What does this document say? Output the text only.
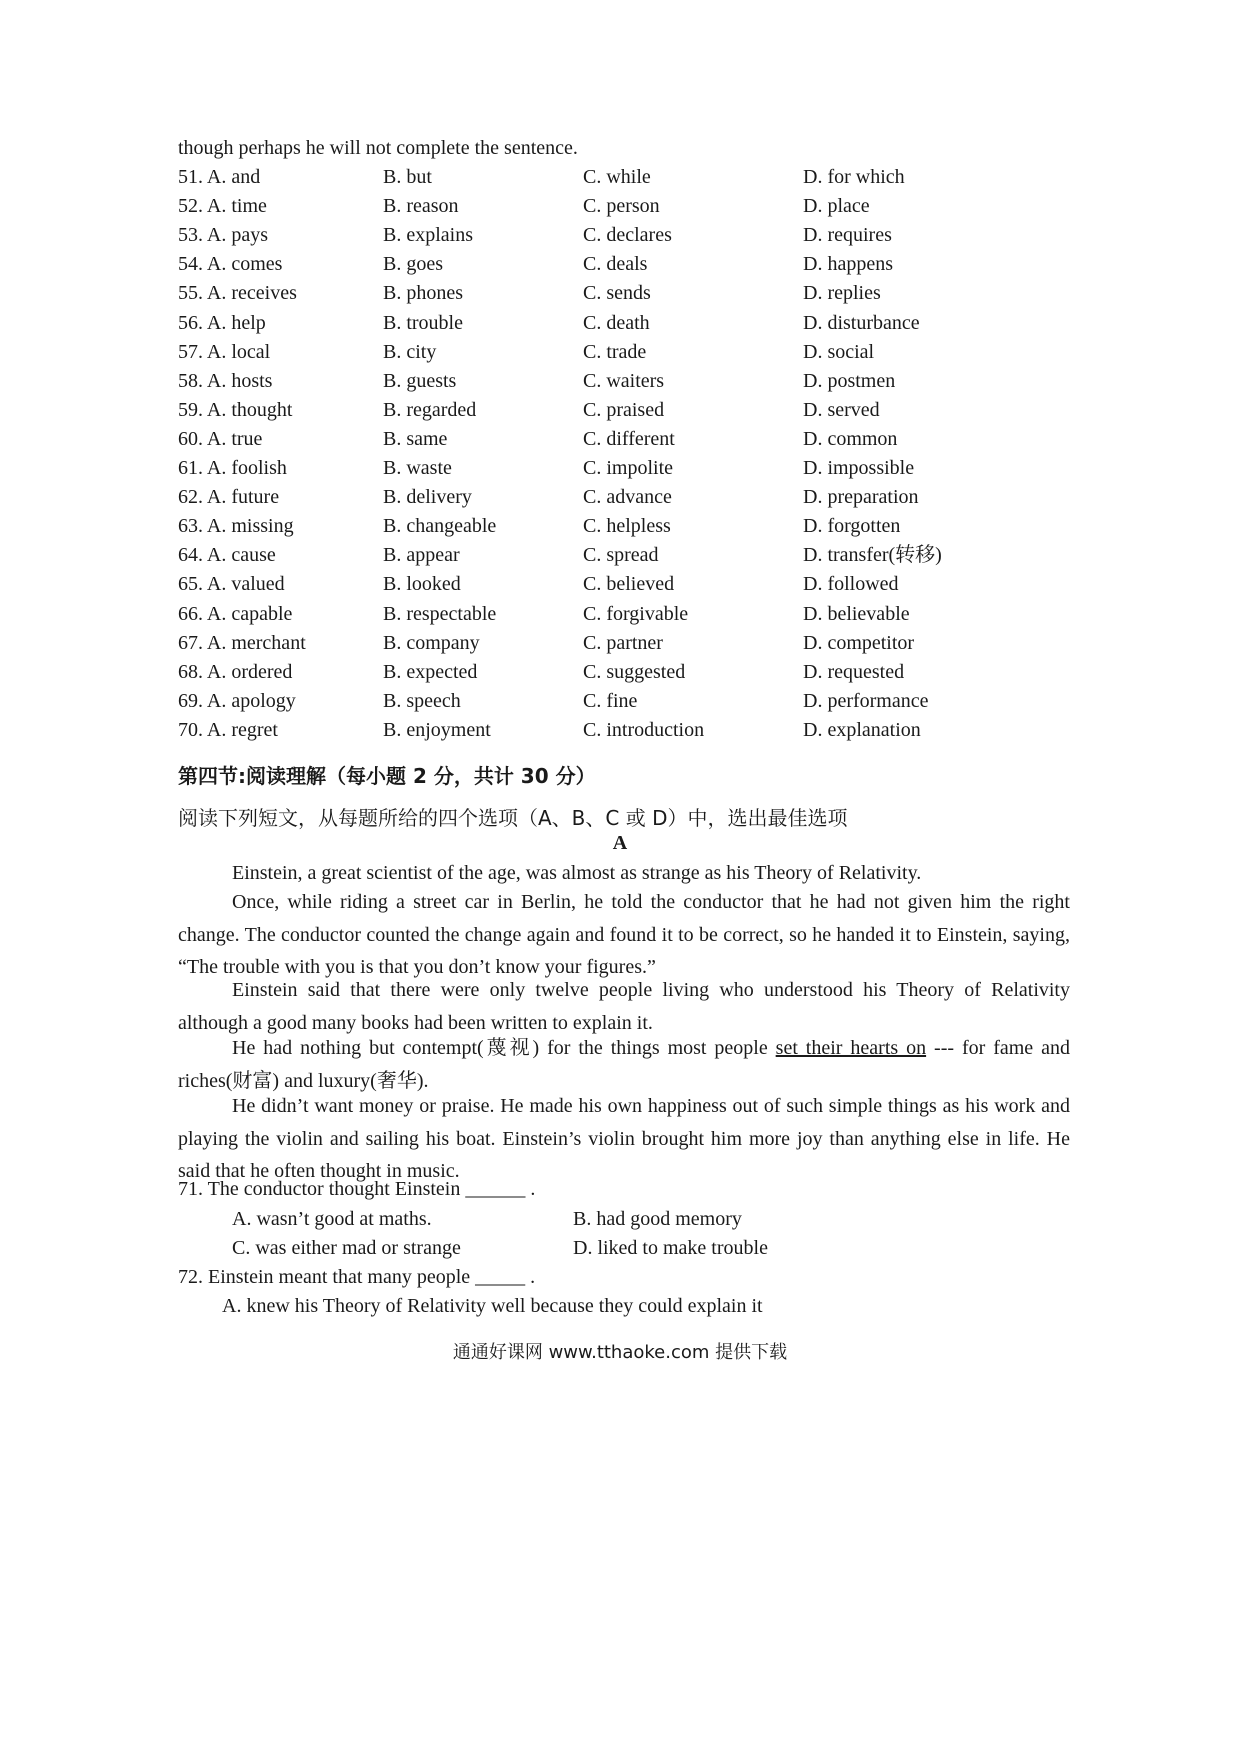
though perhaps he will not complete the sentence.
51. A. and	B. but	C. while	D. for which
52. A. time	B. reason	C. person	D. place
53. A. pays	B. explains	C. declares	D. requires
54. A. comes	B. goes	C. deals	D. happens
55. A. receives	B. phones	C. sends	D. replies
56. A. help	B. trouble	C. death	D. disturbance
57. A. local	B. city	C. trade	D. social
58. A. hosts	B. guests	C. waiters	D. postmen
59. A. thought	B. regarded	C. praised	D. served
60. A. true	B. same	C. different	D. common
61. A. foolish	B. waste	C. impolite	D. impossible
62. A. future	B. delivery	C. advance	D. preparation
63. A. missing	B. changeable	C. helpless	D. forgotten
64. A. cause	B. appear	C. spread	D. transfer(转移)
65. A. valued	B. looked	C. believed	D. followed
66. A. capable	B. respectable	C. forgivable	D. believable
67. A. merchant	B. company	C. partner	D. competitor
68. A. ordered	B. expected	C. suggested	D. requested
69. A. apology	B. speech	C. fine	D. performance
70. A. regret	B. enjoyment	C. introduction	D. explanation
第四节:阅读理解（每小题 2 分，共计 30 分）
阅读下列短文，从每题所给的四个选项（A、B、C 或 D）中，选出最佳选项
A

Einstein, a great scientist of the age, was almost as strange as his Theory of Relativity.

Once, while riding a street car in Berlin, he told the conductor that he had not given him the right change. The conductor counted the change again and found it to be correct, so he handed it to Einstein, saying, “The trouble with you is that you don’t know your figures.”

Einstein said that there were only twelve people living who understood his Theory of Relativity although a good many books had been written to explain it.

He had nothing but contempt(蔑视) for the things most people set their hearts on --- for fame and riches(财富) and luxury(奢华).

He didn’t want money or praise. He made his own happiness out of such simple things as his work and playing the violin and sailing his boat. Einstein’s violin brought him more joy than anything else in life. He said that he often thought in music.

71. The conductor thought Einstein ______ .
A. wasn’t good at maths.	B. had good memory
C. was either mad or strange	D. liked to make trouble
72. Einstein meant that many people _____ .
A. knew his Theory of Relativity well because they could explain it
通通好课网 www.tthaoke.com 提供下载
